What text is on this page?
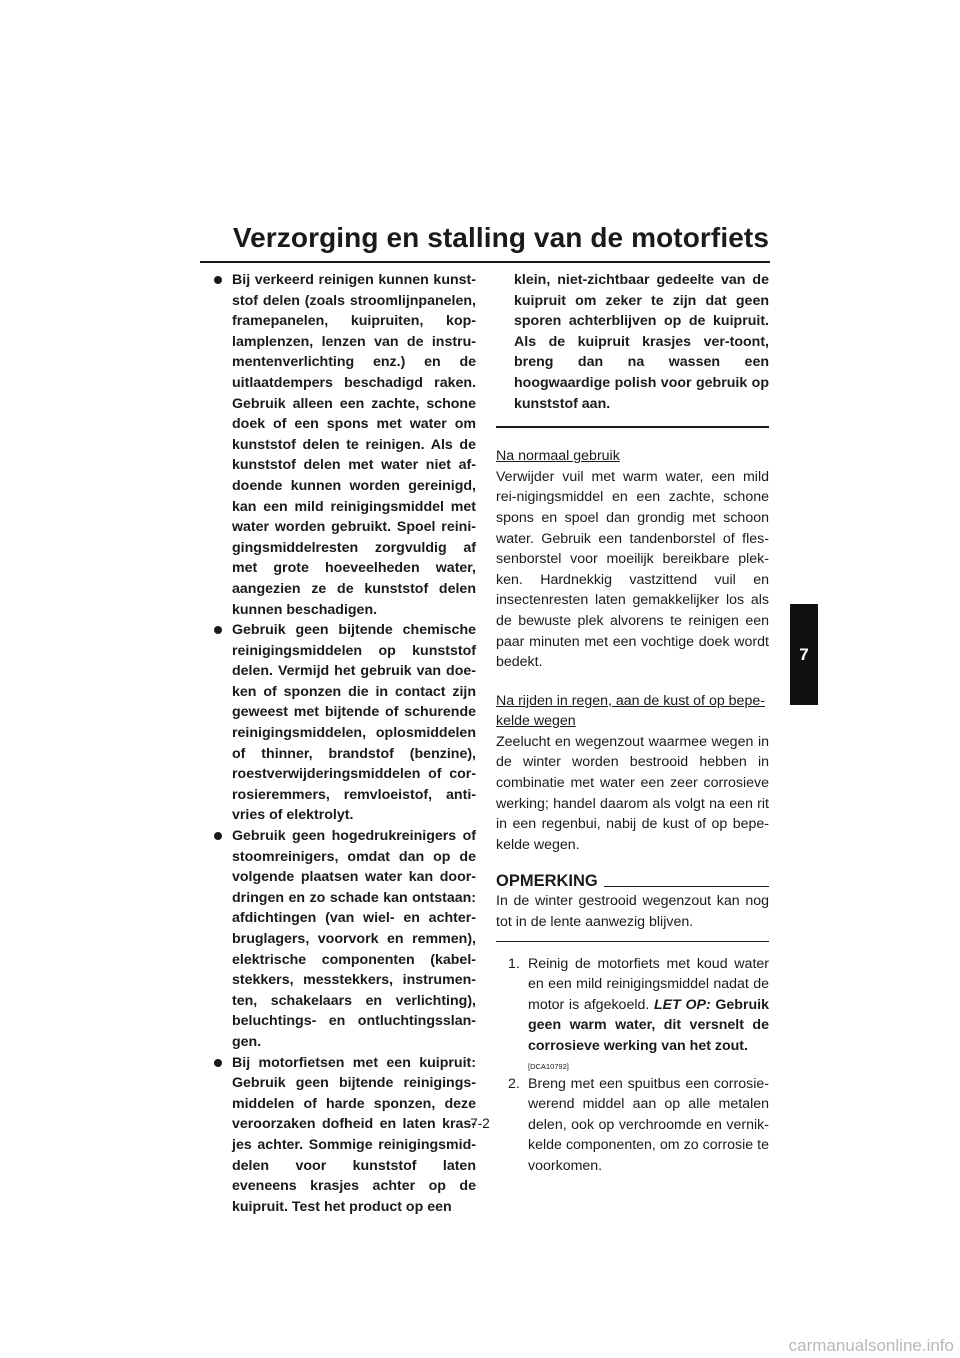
Verzorging en stalling van de motorfiets
7
Bij verkeerd reinigen kunnen kunst-stof delen (zoals stroomlijnpanelen, framepanelen, kuipruiten, kop-lamplenzen, lenzen van de instru-mentenverlichting enz.) en de uitlaatdempers beschadigd raken. Gebruik alleen een zachte, schone doek of een spons met water om kunststof delen te reinigen. Als de kunststof delen met water niet af-doende kunnen worden gereinigd, kan een mild reinigingsmiddel met water worden gebruikt. Spoel reini-gingsmiddelresten zorgvuldig af met grote hoeveelheden water, aangezien ze de kunststof delen kunnen beschadigen.
Gebruik geen bijtende chemische reinigingsmiddelen op kunststof delen. Vermijd het gebruik van doe-ken of sponzen die in contact zijn geweest met bijtende of schurende reinigingsmiddelen, oplosmiddelen of thinner, brandstof (benzine), roestverwijderingsmiddelen of cor-rosieremmers, remvloeistof, anti-vries of elektrolyt.
Gebruik geen hogedrukreinigers of stoomreinigers, omdat dan op de volgende plaatsen water kan door-dringen en zo schade kan ontstaan: afdichtingen (van wiel- en achter-bruglagers, voorvork en remmen), elektrische componenten (kabel-stekkers, messtekkers, instrumen-ten, schakelaars en verlichting), beluchtings- en ontluchtingsslan-gen.
Bij motorfietsen met een kuipruit: Gebruik geen bijtende reinigings-middelen of harde sponzen, deze veroorzaken dofheid en laten kras-jes achter. Sommige reinigingsmid-delen voor kunststof laten eveneens krasjes achter op de kuipruit. Test het product op een

klein, niet-zichtbaar gedeelte van de kuipruit om zeker te zijn dat geen sporen achterblijven op de kuipruit. Als de kuipruit krasjes ver-toont, breng dan na wassen een hoogwaardige polish voor gebruik op kunststof aan.

Na normaal gebruik

Verwijder vuil met warm water, een mild rei-nigingsmiddel en een zachte, schone spons en spoel dan grondig met schoon water. Gebruik een tandenborstel of fles-senborstel voor moeilijk bereikbare plek-ken. Hardnekkig vastzittend vuil en insectenresten laten gemakkelijker los als de bewuste plek alvorens te reinigen een paar minuten met een vochtige doek wordt bedekt.

Na rijden in regen, aan de kust of op bepe-kelde wegen

Zeelucht en wegenzout waarmee wegen in de winter worden bestrooid hebben in combinatie met water een zeer corrosieve werking; handel daarom als volgt na een rit in een regenbui, nabij de kust of op bepe-kelde wegen.

OPMERKING

In de winter gestrooid wegenzout kan nog tot in de lente aanwezig blijven.

1. Reinig de motorfiets met koud water en een mild reinigingsmiddel nadat de motor is afgekoeld. LET OP: Gebruik geen warm water, dit versnelt de corrosieve werking van het zout.
[DCA10792]
2. Breng met een spuitbus een corrosie-werend middel aan op alle metalen delen, ook op verchroomde en vernik-kelde componenten, om zo corrosie te voorkomen.
7-2
carmanualsonline.info
